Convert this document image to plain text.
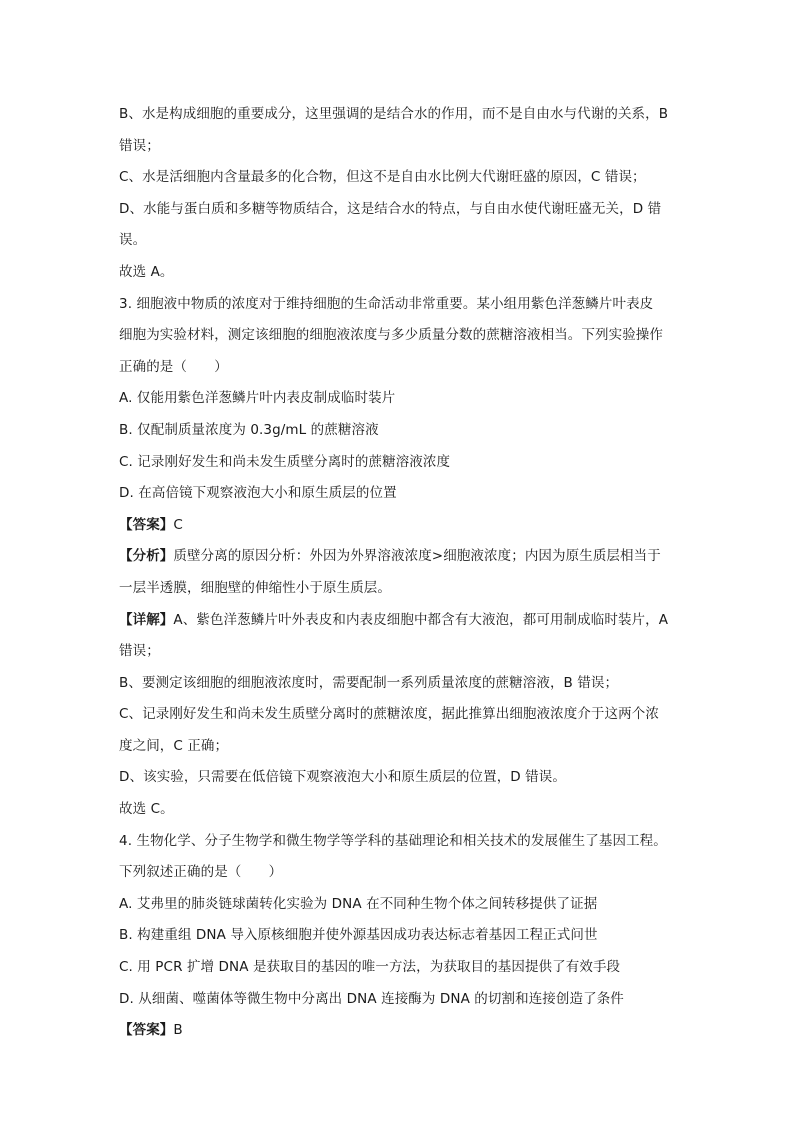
B、水是构成细胞的重要成分，这里强调的是结合水的作用，而不是自由水与代谢的关系，B
错误；
C、水是活细胞内含量最多的化合物，但这不是自由水比例大代谢旺盛的原因，C 错误；
D、水能与蛋白质和多糖等物质结合，这是结合水的特点，与自由水使代谢旺盛无关，D 错
误。
故选 A。
3. 细胞液中物质的浓度对于维持细胞的生命活动非常重要。某小组用紫色洋葱鳞片叶表皮
细胞为实验材料，测定该细胞的细胞液浓度与多少质量分数的蔗糖溶液相当。下列实验操作
正确的是（　　）
A. 仅能用紫色洋葱鳞片叶内表皮制成临时装片
B. 仅配制质量浓度为 0.3g/mL 的蔗糖溶液
C. 记录刚好发生和尚未发生质壁分离时的蔗糖溶液浓度
D. 在高倍镜下观察液泡大小和原生质层的位置
【答案】C
【分析】质壁分离的原因分析：外因为外界溶液浓度>细胞液浓度；内因为原生质层相当于
一层半透膜，细胞壁的伸缩性小于原生质层。
【详解】A、紫色洋葱鳞片叶外表皮和内表皮细胞中都含有大液泡，都可用制成临时装片，A
错误；
B、要测定该细胞的细胞液浓度时，需要配制一系列质量浓度的蔗糖溶液，B 错误；
C、记录刚好发生和尚未发生质壁分离时的蔗糖浓度，据此推算出细胞液浓度介于这两个浓
度之间，C 正确；
D、该实验，只需要在低倍镜下观察液泡大小和原生质层的位置，D 错误。
故选 C。
4. 生物化学、分子生物学和微生物学等学科的基础理论和相关技术的发展催生了基因工程。
下列叙述正确的是（　　）
A. 艾弗里的肺炎链球菌转化实验为 DNA 在不同种生物个体之间转移提供了证据
B. 构建重组 DNA 导入原核细胞并使外源基因成功表达标志着基因工程正式问世
C. 用 PCR 扩增 DNA 是获取目的基因的唯一方法，为获取目的基因提供了有效手段
D. 从细菌、噬菌体等微生物中分离出 DNA 连接酶为 DNA 的切割和连接创造了条件
【答案】B
